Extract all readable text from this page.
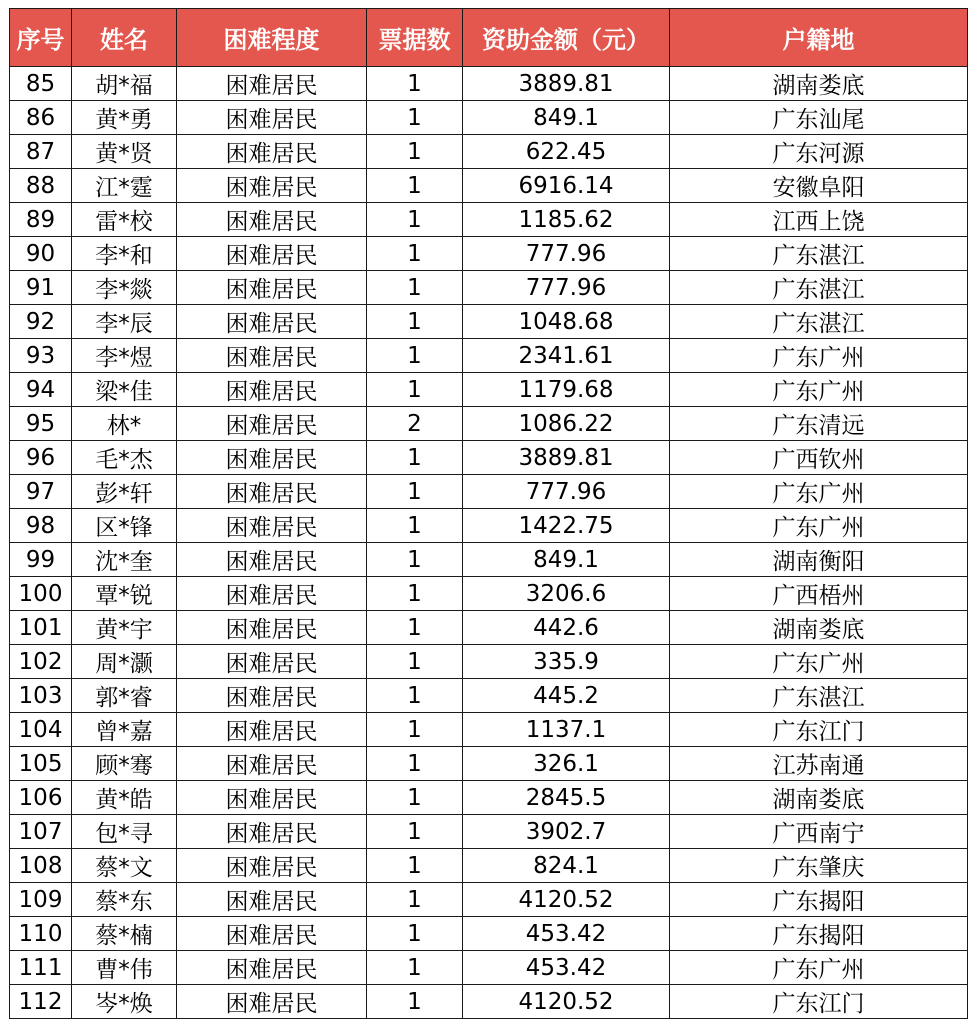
序号	姓名	困难程度	票据数	资助金额（元）	户籍地
85	胡*福	困难居民	1	3889.81	湖南娄底
86	黄*勇	困难居民	1	849.1	广东汕尾
87	黄*贤	困难居民	1	622.45	广东河源
88	江*霆	困难居民	1	6916.14	安徽阜阳
89	雷*校	困难居民	1	1185.62	江西上饶
90	李*和	困难居民	1	777.96	广东湛江
91	李*燚	困难居民	1	777.96	广东湛江
92	李*辰	困难居民	1	1048.68	广东湛江
93	李*煜	困难居民	1	2341.61	广东广州
94	梁*佳	困难居民	1	1179.68	广东广州
95	林*	困难居民	2	1086.22	广东清远
96	毛*杰	困难居民	1	3889.81	广西钦州
97	彭*轩	困难居民	1	777.96	广东广州
98	区*锋	困难居民	1	1422.75	广东广州
99	沈*奎	困难居民	1	849.1	湖南衡阳
100	覃*锐	困难居民	1	3206.6	广西梧州
101	黄*宇	困难居民	1	442.6	湖南娄底
102	周*灏	困难居民	1	335.9	广东广州
103	郭*睿	困难居民	1	445.2	广东湛江
104	曾*嘉	困难居民	1	1137.1	广东江门
105	顾*骞	困难居民	1	326.1	江苏南通
106	黄*皓	困难居民	1	2845.5	湖南娄底
107	包*寻	困难居民	1	3902.7	广西南宁
108	蔡*文	困难居民	1	824.1	广东肇庆
109	蔡*东	困难居民	1	4120.52	广东揭阳
110	蔡*楠	困难居民	1	453.42	广东揭阳
111	曹*伟	困难居民	1	453.42	广东广州
112	岑*焕	困难居民	1	4120.52	广东江门
